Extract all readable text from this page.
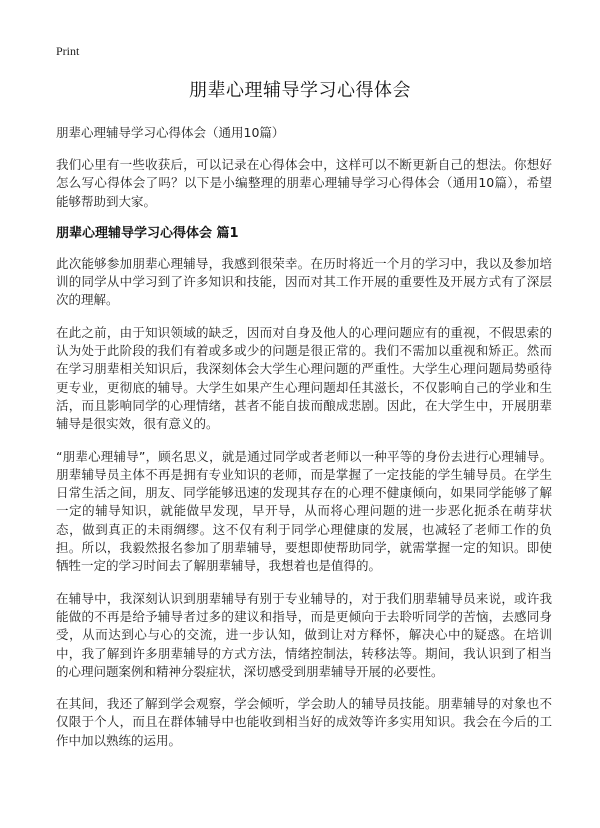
Print
朋辈心理辅导学习心得体会

朋辈心理辅导学习心得体会（通用10篇）

我们心里有一些收获后，可以记录在心得体会中，这样可以不断更新自己的想法。你想好怎么写心得体会了吗？以下是小编整理的朋辈心理辅导学习心得体会（通用10篇），希望能够帮助到大家。

朋辈心理辅导学习心得体会 篇1

此次能够参加朋辈心理辅导，我感到很荣幸。在历时将近一个月的学习中，我以及参加培训的同学从中学习到了许多知识和技能，因而对其工作开展的重要性及开展方式有了深层次的理解。

在此之前，由于知识领域的缺乏，因而对自身及他人的心理问题应有的重视，不假思索的认为处于此阶段的我们有着或多或少的问题是很正常的。我们不需加以重视和矫正。然而在学习朋辈相关知识后，我深刻体会大学生心理问题的严重性。大学生心理问题局势亟待更专业，更彻底的辅导。大学生如果产生心理问题却任其滋长，不仅影响自己的学业和生活，而且影响同学的心理情绪，甚者不能自拔而酿成悲剧。因此，在大学生中，开展朋辈辅导是很实效，很有意义的。

“朋辈心理辅导”，顾名思义，就是通过同学或者老师以一种平等的身份去进行心理辅导。朋辈辅导员主体不再是拥有专业知识的老师，而是掌握了一定技能的学生辅导员。在学生日常生活之间，朋友、同学能够迅速的发现其存在的心理不健康倾向，如果同学能够了解一定的辅导知识，就能做早发现，早开导，从而将心理问题的进一步恶化扼杀在萌芽状态，做到真正的未雨绸缪。这不仅有利于同学心理健康的发展，也减轻了老师工作的负担。所以，我毅然报名参加了朋辈辅导，要想即使帮助同学，就需掌握一定的知识。即使牺牲一定的学习时间去了解朋辈辅导，我想着也是值得的。

在辅导中，我深刻认识到朋辈辅导有别于专业辅导的，对于我们朋辈辅导员来说，或许我能做的不再是给予辅导者过多的建议和指导，而是更倾向于去聆听同学的苦恼，去感同身受，从而达到心与心的交流，进一步认知，做到让对方释怀，解决心中的疑惑。在培训中，我了解到许多朋辈辅导的方式方法，情绪控制法，转移法等。期间，我认识到了相当的心理问题案例和精神分裂症状，深切感受到朋辈辅导开展的必要性。

在其间，我还了解到学会观察，学会倾听，学会助人的辅导员技能。朋辈辅导的对象也不仅限于个人，而且在群体辅导中也能收到相当好的成效等许多实用知识。我会在今后的工作中加以熟练的运用。
